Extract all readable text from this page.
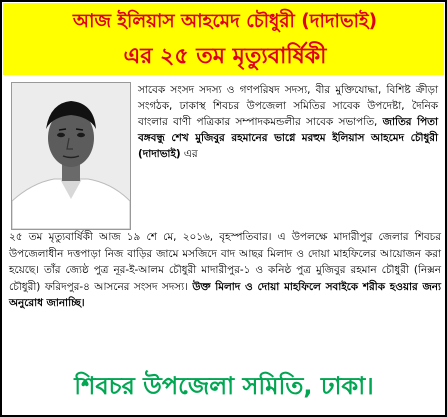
আজ ইলিয়াস আহমেদ চৌধুরী (দাদাভাই)
এর ২৫ তম মৃত্যুবার্ষিকী
সাবেক সংসদ সদস্য ও গণপরিষদ সদস্য, বীর মুক্তিযোদ্ধা, বিশিষ্ট ক্রীড়া সংগঠক, ঢাকাস্থ শিবচর উপজেলা সমিতির সাবেক উপদেষ্টা, দৈনিক বাংলার বাণী পত্রিকার সম্পাদকমন্ডলীর সাবেক সভাপতি, জাতির পিতা বঙ্গবন্ধু শেখ মুজিবুর রহমানের ভাগ্নে মরহুম ইলিয়াস আহমেদ চৌধুরী (দাদাভাই) এর
২৫ তম মৃত্যুবার্ষিকী আজ ১৯ শে মে, ২০১৬, বৃহস্পতিবার। এ উপলক্ষে মাদারীপুর জেলার শিবচর উপজেলাধীন দত্তপাড়া নিজ বাড়ির জামে মসজিদে বাদ আছর মিলাদ ও দোয়া মাহফিলের আয়োজন করা হয়েছে। তাঁর জ্যেষ্ঠ পুত্র নূর-ই-আলম চৌধুরী মাদারীপুর-১ ও কনিষ্ঠ পুত্র মুজিবুর রহমান চৌধুরী (নিক্সন চৌধুরী) ফরিদপুর-৪ আসনের সংসদ সদস্য। উক্ত মিলাদ ও দোয়া মাহফিলে সবাইকে শরীক হওয়ার জন্য অনুরোধ জানাচ্ছি।
শিবচর উপজেলা সমিতি, ঢাকা।
